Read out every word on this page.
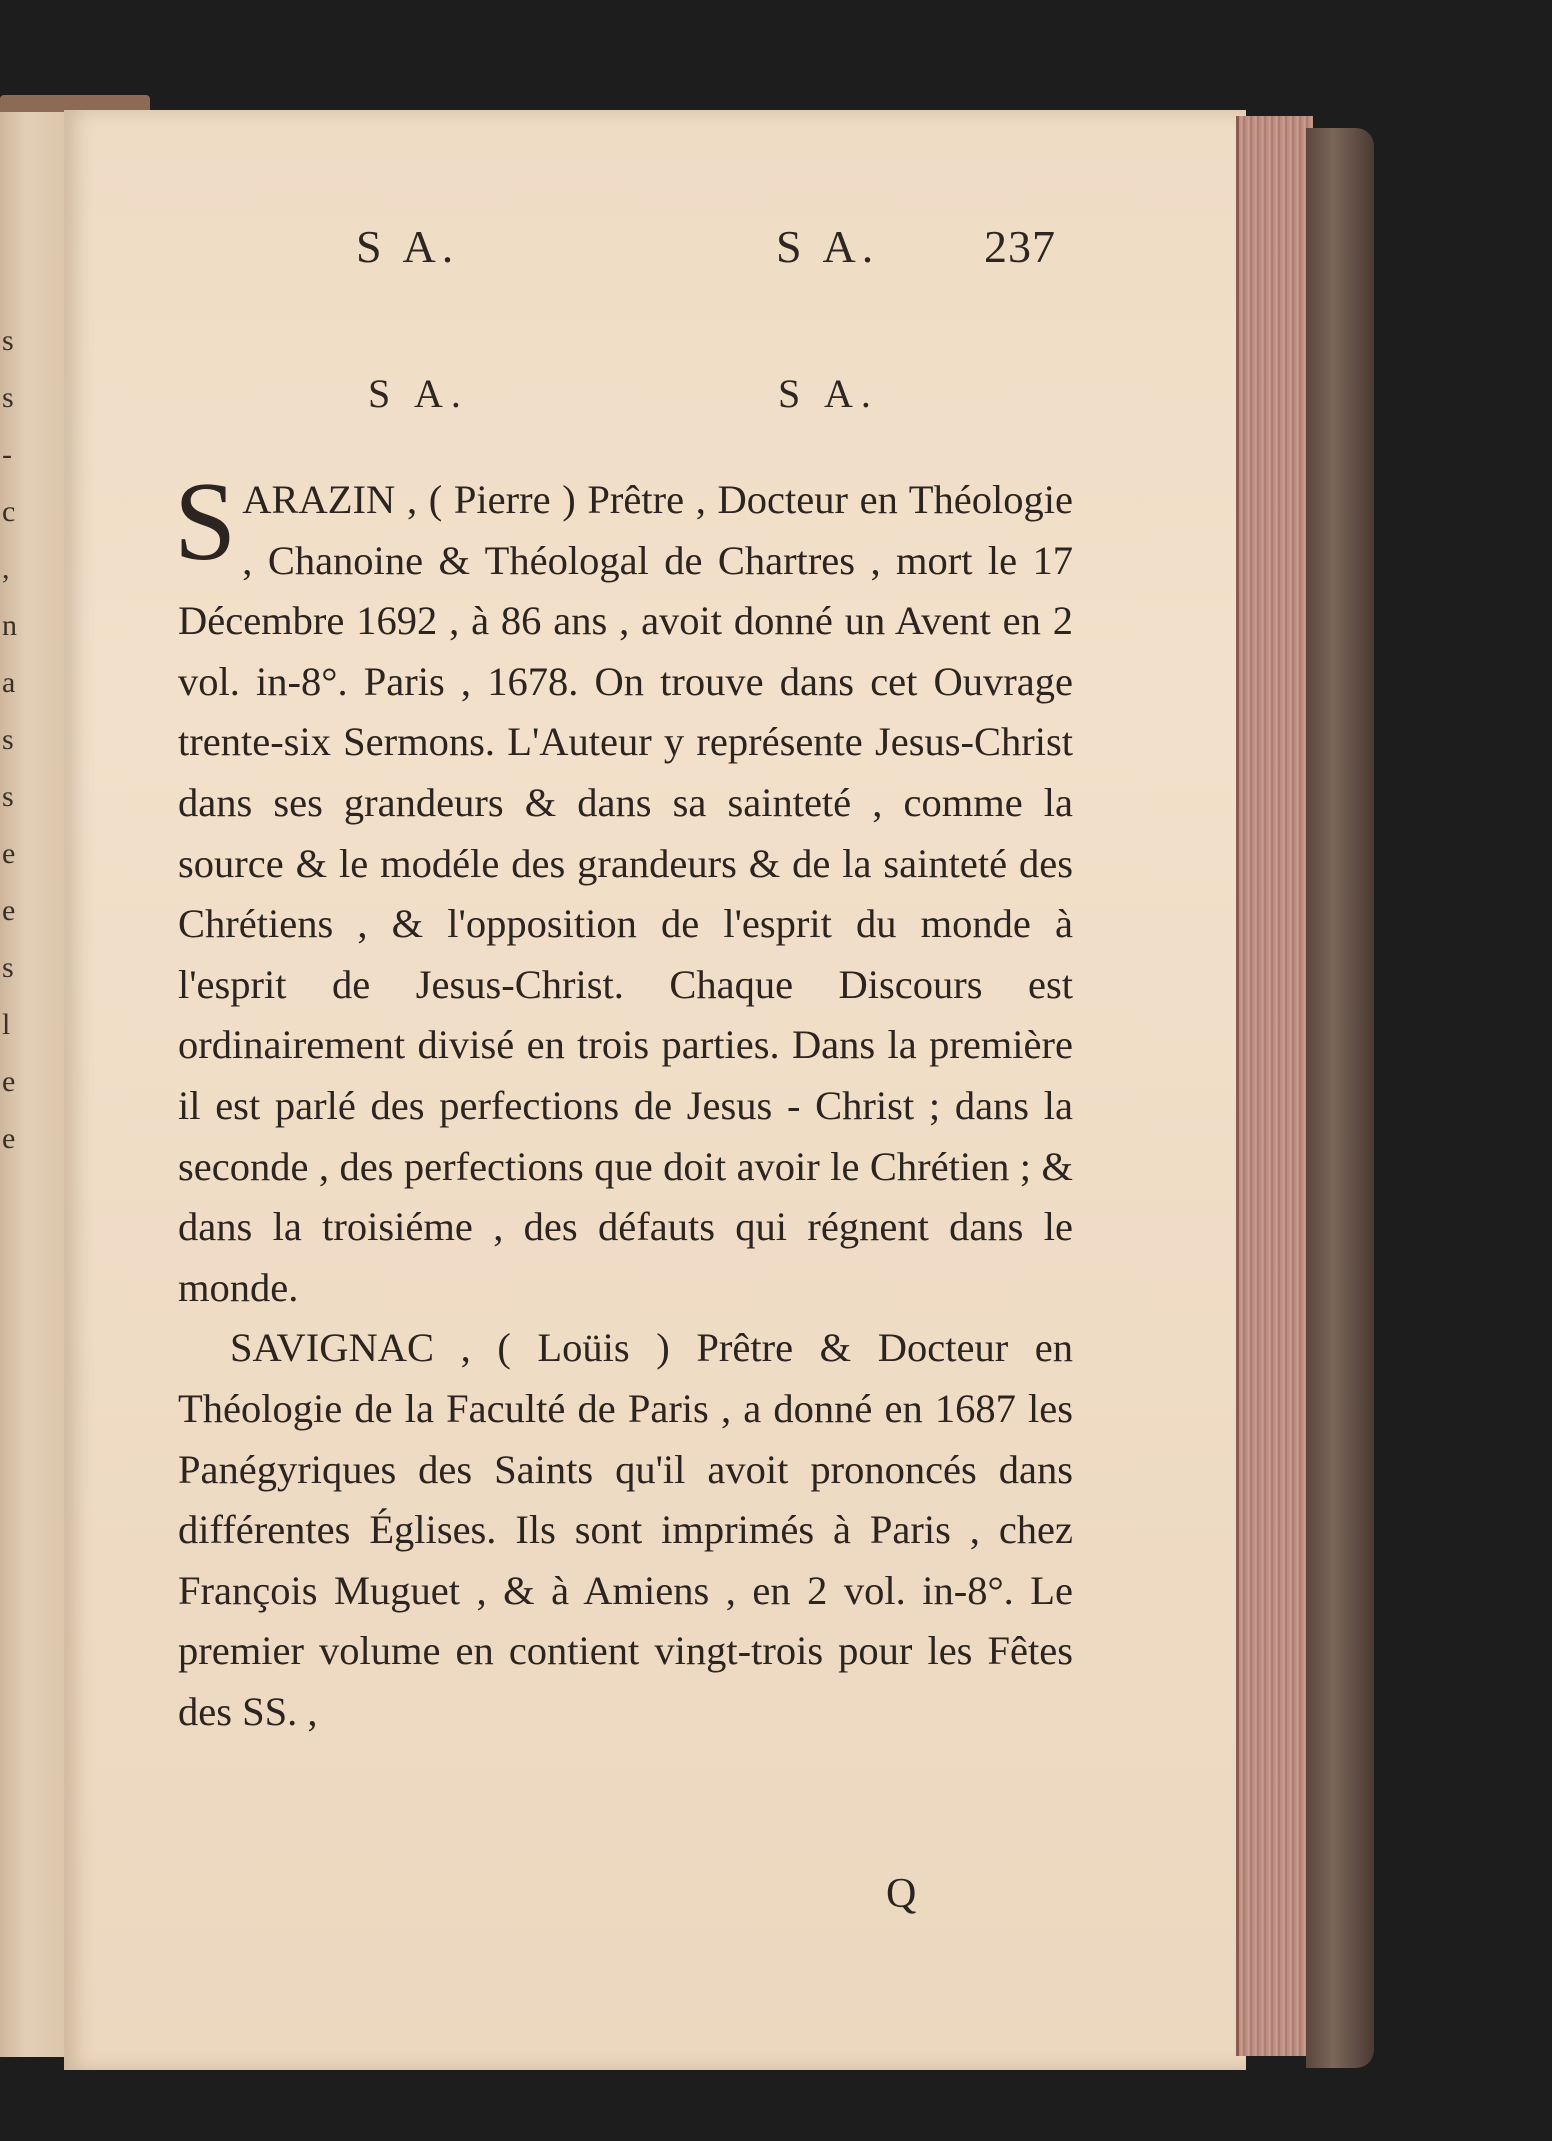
s s - c , n a s s e e s l e e
S A.	S A. 237
S A.	S A.

SARAZIN , ( Pierre ) Prêtre , Docteur en Théologie , Chanoine & Théologal de Chartres , mort le 17 Décembre 1692 , à 86 ans , avoit donné un Avent en 2 vol. in-8°. Paris , 1678. On trouve dans cet Ouvrage trente-six Sermons. L'Auteur y représente Jesus-Christ dans ses grandeurs & dans sa sainteté , comme la source & le modéle des grandeurs & de la sainteté des Chrétiens , & l'opposition de l'esprit du monde à l'esprit de Jesus-Christ. Chaque Discours est ordinairement divisé en trois parties. Dans la première il est parlé des perfections de Jesus - Christ ; dans la seconde , des perfections que doit avoir le Chrétien ; & dans la troisiéme , des défauts qui régnent dans le monde.

SAVIGNAC , ( Loüis ) Prêtre & Docteur en Théologie de la Faculté de Paris , a donné en 1687 les Panégyriques des Saints qu'il avoit prononcés dans différentes Églises. Ils sont imprimés à Paris , chez François Muguet , & à Amiens , en 2 vol. in-8°. Le premier volume en contient vingt-trois pour les Fêtes des SS. ,

Q
